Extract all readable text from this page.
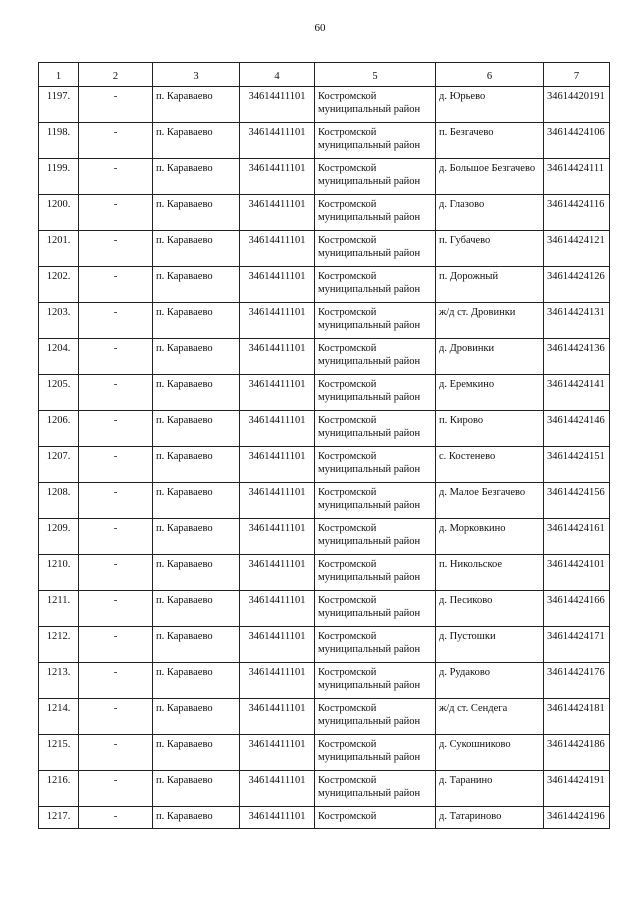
60
1	2	3	4	5	6	7
1197.	-	п. Караваево	34614411101	Костромской муниципальный район	д. Юрьево	34614420191
1198.	-	п. Караваево	34614411101	Костромской муниципальный район	п. Безгачево	34614424106
1199.	-	п. Караваево	34614411101	Костромской муниципальный район	д. Большое Безгачево	34614424111
1200.	-	п. Караваево	34614411101	Костромской муниципальный район	д. Глазово	34614424116
1201.	-	п. Караваево	34614411101	Костромской муниципальный район	п. Губачево	34614424121
1202.	-	п. Караваево	34614411101	Костромской муниципальный район	п. Дорожный	34614424126
1203.	-	п. Караваево	34614411101	Костромской муниципальный район	ж/д ст. Дровинки	34614424131
1204.	-	п. Караваево	34614411101	Костромской муниципальный район	д. Дровинки	34614424136
1205.	-	п. Караваево	34614411101	Костромской муниципальный район	д. Еремкино	34614424141
1206.	-	п. Караваево	34614411101	Костромской муниципальный район	п. Кирово	34614424146
1207.	-	п. Караваево	34614411101	Костромской муниципальный район	с. Костенево	34614424151
1208.	-	п. Караваево	34614411101	Костромской муниципальный район	д. Малое Безгачево	34614424156
1209.	-	п. Караваево	34614411101	Костромской муниципальный район	д. Морковкино	34614424161
1210.	-	п. Караваево	34614411101	Костромской муниципальный район	п. Никольское	34614424101
1211.	-	п. Караваево	34614411101	Костромской муниципальный район	д. Песиково	34614424166
1212.	-	п. Караваево	34614411101	Костромской муниципальный район	д. Пустошки	34614424171
1213.	-	п. Караваево	34614411101	Костромской муниципальный район	д. Рудаково	34614424176
1214.	-	п. Караваево	34614411101	Костромской муниципальный район	ж/д ст. Сендега	34614424181
1215.	-	п. Караваево	34614411101	Костромской муниципальный район	д. Сукошниково	34614424186
1216.	-	п. Караваево	34614411101	Костромской муниципальный район	д. Таранино	34614424191
1217.	-	п. Караваево	34614411101	Костромской	д. Татариново	34614424196
